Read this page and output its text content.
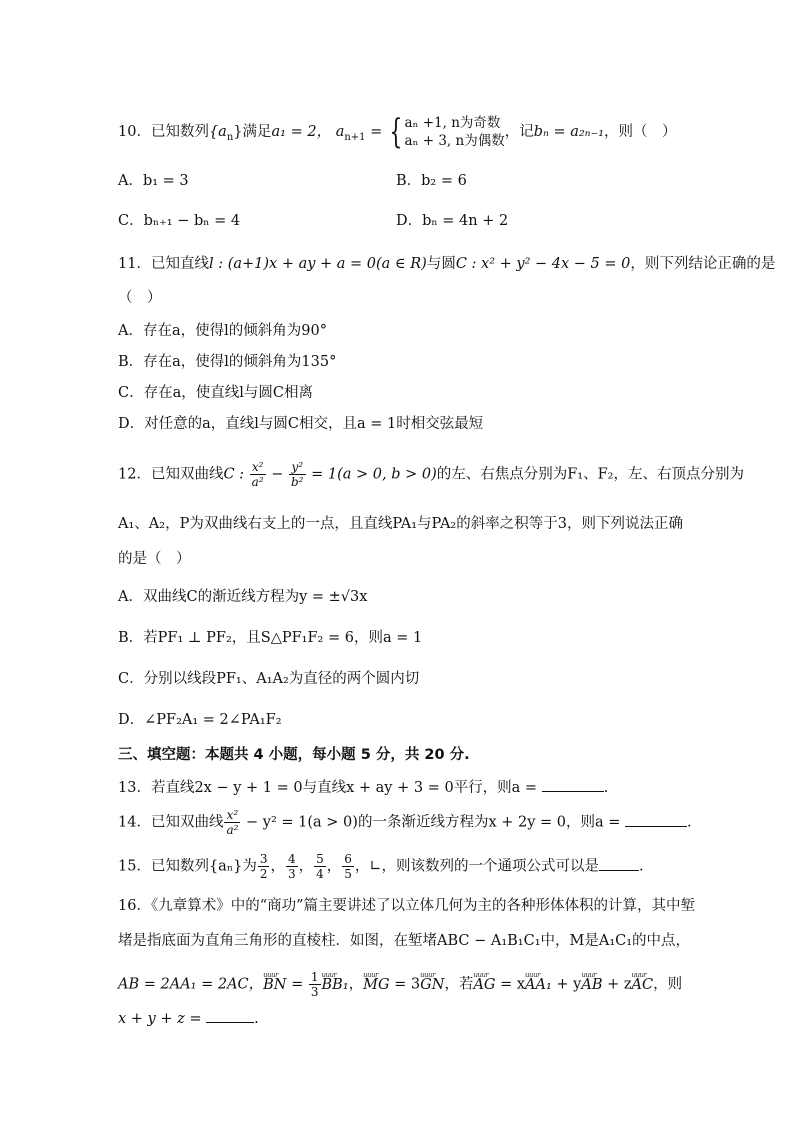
10．已知数列$\{a_n\}$满足a₁ = 2， $a_{n+1}$ = { aₙ +1, n为奇数
aₙ + 3, n为偶数
，记bₙ = a₂ₙ₋₁，则（　）
A．b₁ = 3	B．b₂ = 6
C．bₙ₊₁ − bₙ = 4	D．bₙ = 4n + 2
11．已知直线l : (a+1)x + ay + a = 0(a ∈ R)与圆C : x² + y² − 4x − 5 = 0，则下列结论正确的是
（　）
A．存在a，使得l的倾斜角为90°
B．存在a，使得l的倾斜角为135°
C．存在a，使直线l与圆C相离
D．对任意的a，直线l与圆C相交，且a = 1时相交弦最短
12．已知双曲线C : $\frac{\text{x²}}{\text{a²}} - \frac{\text{y²}}{\text{b²}} = 1(a > 0$, b > 0)的左、右焦点分别为F₁、F₂，左、右顶点分别为
A₁、A₂，P为双曲线右支上的一点，且直线PA₁与PA₂的斜率之积等于3，则下列说法正确
的是（　）
A．双曲线C的渐近线方程为y = ±√3x
B．若PF₁ ⊥ PF₂，且S△PF₁F₂ = 6，则a = 1
C．分别以线段PF₁、A₁A₂为直径的两个圆内切
D．∠PF₂A₁ = 2∠PA₁F₂
三、填空题：本题共 4 小题，每小题 5 分，共 20 分.
13．若直线2x − y + 1 = 0与直线x + ay + 3 = 0平行，则a =	.
14．已知双曲线 $\frac{\text{x²}}{\text{a²}} - y^2 = 1(a > 0)$的一条渐近线方程为x + 2y = 0，则a =	.
15．已知数列{aₙ}为 $\frac{3}{2}$ ， $\frac{4}{3}$ ， $\frac{5}{4}$ ， $\frac{6}{5}$ ，∟，则该数列的一个通项公式可以是	.
16．《九章算术》中的“商功”篇主要讲述了以立体几何为主的各种形体体积的计算，其中堑
堵是指底面为直角三角形的直棱柱．如图，在堑堵ABC − A₁B₁C₁中，M是A₁C₁的中点，
AB = 2AA₁ = 2AC，uuur BN = $\frac{1}{3}$
uuur BB₁，uuur MG = 3uuur GN，若uuur AG = xuuur AA₁ + yuuur AB + zuuur AC，则
x + y + z =	.
